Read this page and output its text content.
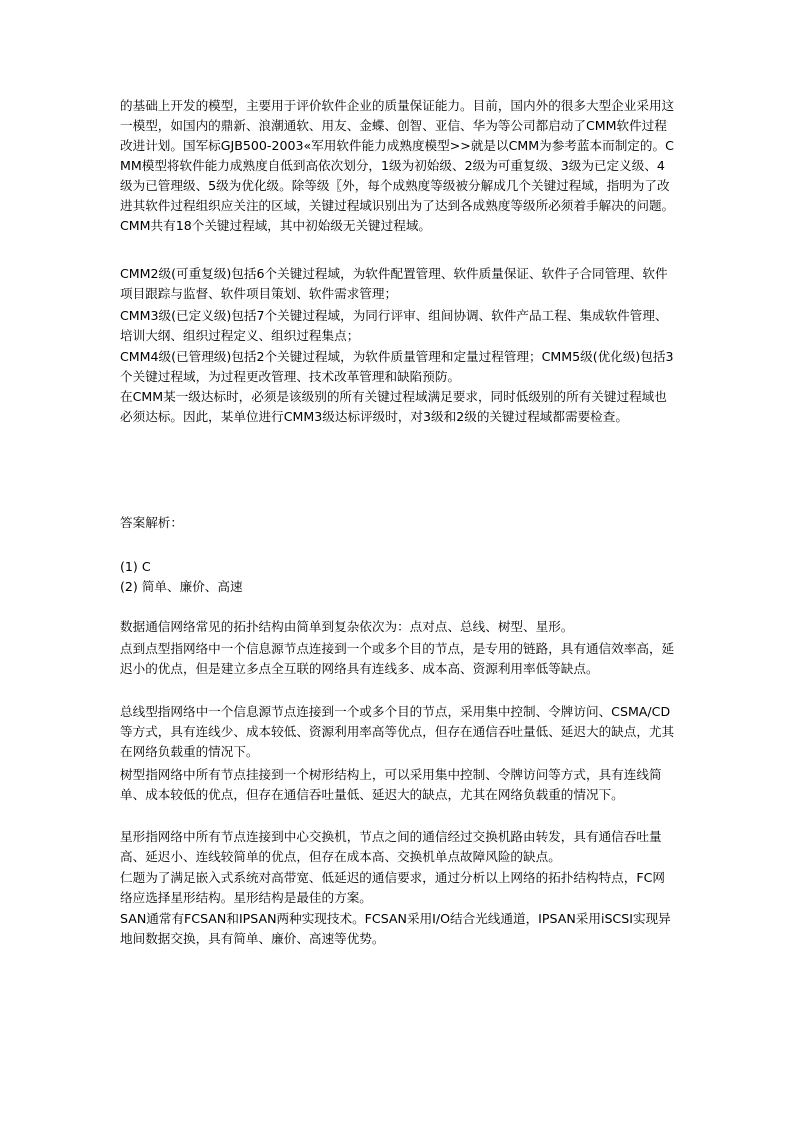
的基础上开发的模型，主要用于评价软件企业的质量保证能力。目前，国内外的很多大型企业采用这一模型，如国内的鼎新、浪潮通软、用友、金蝶、创智、亚信、华为等公司都启动了CMM软件过程改进计划。国军标GJB500-2003«军用软件能力成熟度模型>>就是以CMM为参考蓝本而制定的。CMM模型将软件能力成熟度自低到高依次划分，1级为初始级、2级为可重复级、3级为已定义级、4级为已管理级、5级为优化级。除等级〖外，每个成熟度等级被分解成几个关键过程域，指明为了改进其软件过程组织应关注的区域，关键过程域识别出为了达到各成熟度等级所必须着手解决的问题。CMM共有18个关键过程域，其中初始级无关键过程域。
CMM2级(可重复级)包括6个关键过程域，为软件配置管理、软件质量保证、软件子合同管理、软件项目跟踪与监督、软件项目策划、软件需求管理；
CMM3级(已定义级)包括7个关键过程域，为同行评审、组间协调、软件产品工程、集成软件管理、培训大纲、组织过程定义、组织过程集点；
CMM4级(已管理级)包括2个关键过程域，为软件质量管理和定量过程管理；CMM5级(优化级)包括3个关键过程域，为过程更改管理、技术改革管理和缺陷预防。
在CMM某一级达标时，必须是该级别的所有关键过程域满足要求，同时低级别的所有关键过程域也必须达标。因此，某单位进行CMM3级达标评级时，对3级和2级的关键过程域都需要检查。
答案解析：
(1) C
(2) 简单、廉价、高速
数据通信网络常见的拓扑结构由简单到复杂依次为：点对点、总线、树型、星形。
点到点型指网络中一个信息源节点连接到一个或多个目的节点，是专用的链路，具有通信效率高，延迟小的优点，但是建立多点全互联的网络具有连线多、成本高、资源利用率低等缺点。
总线型指网络中一个信息源节点连接到一个或多个目的节点，采用集中控制、令牌访问、CSMA/CD等方式，具有连线少、成本较低、资源利用率高等优点，但存在通信吞吐量低、延迟大的缺点，尤其在网络负载重的情况下。
树型指网络中所有节点挂接到一个树形结构上，可以采用集中控制、令牌访问等方式，具有连线简单、成本较低的优点，但存在通信吞吐量低、延迟大的缺点，尤其在网络负载重的情况下。
星形指网络中所有节点连接到中心交换机，节点之间的通信经过交换机路由转发，具有通信吞吐量高、延迟小、连线较简单的优点，但存在成本高、交换机单点故障风险的缺点。
仁题为了满足嵌入式系统对高带宽、低延迟的通信要求，通过分析以上网络的拓扑结构特点，FC网络应选择星形结构。星形结构是最佳的方案。
SAN通常有FCSAN和IPSAN两种实现技术。FCSAN采用I/O结合光线通道，IPSAN采用iSCSI实现异地间数据交换，具有简单、廉价、高速等优势。
